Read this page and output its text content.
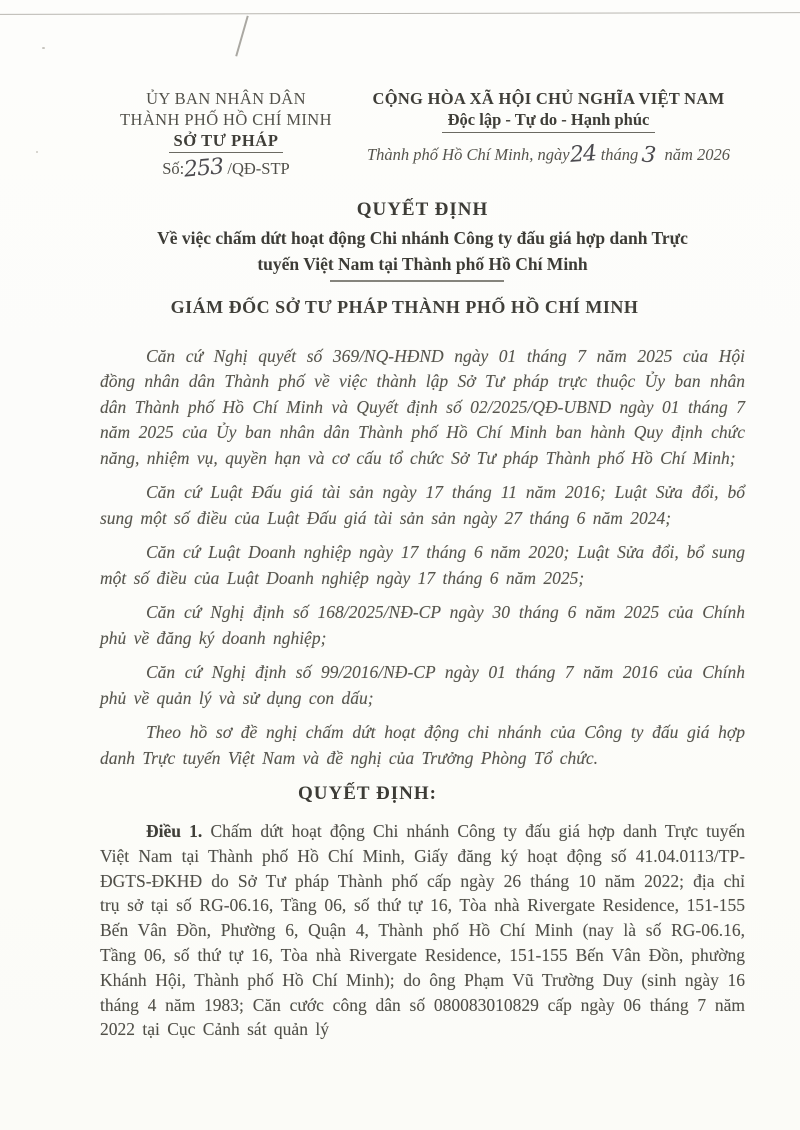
ỦY BAN NHÂN DÂN
THÀNH PHỐ HỒ CHÍ MINH
SỞ TƯ PHÁP
Số:253 /QĐ-STP
CỘNG HÒA XÃ HỘI CHỦ NGHĨA VIỆT NAM
Độc lập - Tự do - Hạnh phúc
Thành phố Hồ Chí Minh, ngày24 tháng 3 năm 2026
QUYẾT ĐỊNH
Về việc chấm dứt hoạt động Chi nhánh Công ty đấu giá hợp danh Trực
tuyến Việt Nam tại Thành phố Hồ Chí Minh
GIÁM ĐỐC SỞ TƯ PHÁP THÀNH PHỐ HỒ CHÍ MINH

Căn cứ Nghị quyết số 369/NQ-HĐND ngày 01 tháng 7 năm 2025 của Hội đồng nhân dân Thành phố về việc thành lập Sở Tư pháp trực thuộc Ủy ban nhân dân Thành phố Hồ Chí Minh và Quyết định số 02/2025/QĐ-UBND ngày 01 tháng 7 năm 2025 của Ủy ban nhân dân Thành phố Hồ Chí Minh ban hành Quy định chức năng, nhiệm vụ, quyền hạn và cơ cấu tổ chức Sở Tư pháp Thành phố Hồ Chí Minh;

Căn cứ Luật Đấu giá tài sản ngày 17 tháng 11 năm 2016; Luật Sửa đổi, bổ sung một số điều của Luật Đấu giá tài sản sản ngày 27 tháng 6 năm 2024;

Căn cứ Luật Doanh nghiệp ngày 17 tháng 6 năm 2020; Luật Sửa đổi, bổ sung một số điều của Luật Doanh nghiệp ngày 17 tháng 6 năm 2025;

Căn cứ Nghị định số 168/2025/NĐ-CP ngày 30 tháng 6 năm 2025 của Chính phủ về đăng ký doanh nghiệp;

Căn cứ Nghị định số 99/2016/NĐ-CP ngày 01 tháng 7 năm 2016 của Chính phủ về quản lý và sử dụng con dấu;

Theo hồ sơ đề nghị chấm dứt hoạt động chi nhánh của Công ty đấu giá hợp danh Trực tuyến Việt Nam và đề nghị của Trưởng Phòng Tổ chức.

QUYẾT ĐỊNH:

Điều 1. Chấm dứt hoạt động Chi nhánh Công ty đấu giá hợp danh Trực tuyến Việt Nam tại Thành phố Hồ Chí Minh, Giấy đăng ký hoạt động số 41.04.0113/TP-ĐGTS-ĐKHĐ do Sở Tư pháp Thành phố cấp ngày 26 tháng 10 năm 2022; địa chỉ trụ sở tại số RG-06.16, Tầng 06, số thứ tự 16, Tòa nhà Rivergate Residence, 151-155 Bến Vân Đồn, Phường 6, Quận 4, Thành phố Hồ Chí Minh (nay là số RG-06.16, Tầng 06, số thứ tự 16, Tòa nhà Rivergate Residence, 151-155 Bến Vân Đồn, phường Khánh Hội, Thành phố Hồ Chí Minh); do ông Phạm Vũ Trường Duy (sinh ngày 16 tháng 4 năm 1983; Căn cước công dân số 080083010829 cấp ngày 06 tháng 7 năm 2022 tại Cục Cảnh sát quản lý
